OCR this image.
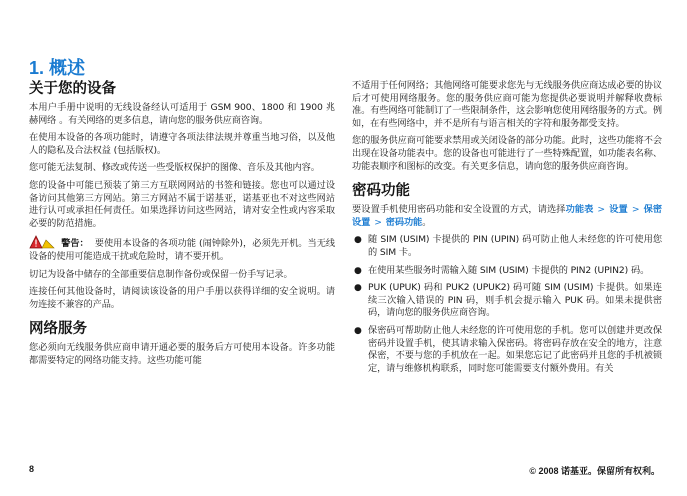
1. 概述
关于您的设备

本用户手册中说明的无线设备经认可适用于 GSM 900、1800 和 1900 兆赫网络 。有关网络的更多信息，请向您的服务供应商咨询。

在使用本设备的各项功能时，请遵守各项法律法规并尊重当地习俗，以及他人的隐私及合法权益 (包括版权)。

您可能无法复制、修改或传送一些受版权保护的图像、音乐及其他内容。

您的设备中可能已预装了第三方互联网网站的书签和链接。您也可以通过设备访问其他第三方网站。第三方网站不属于诺基亚，诺基亚也不对这些网站进行认可或承担任何责任。如果选择访问这些网站，请对安全性或内容采取必要的防范措施。

警告： 要使用本设备的各项功能 (闹钟除外)，必须先开机。当无线设备的使用可能造成干扰或危险时，请不要开机。

切记为设备中储存的全部重要信息制作备份或保留一份手写记录。

连接任何其他设备时，请阅读该设备的用户手册以获得详细的安全说明。请勿连接不兼容的产品。

网络服务

您必须向无线服务供应商申请开通必要的服务后方可使用本设备。许多功能都需要特定的网络功能支持。这些功能可能

不适用于任何网络；其他网络可能要求您先与无线服务供应商达成必要的协议后才可使用网络服务。您的服务供应商可能为您提供必要说明并解释收费标准。有些网络可能制订了一些限制条件，这会影响您使用网络服务的方式。例如，在有些网络中，并不是所有与语言相关的字符和服务都受支持。

您的服务供应商可能要求禁用或关闭设备的部分功能。此时，这些功能将不会出现在设备功能表中。您的设备也可能进行了一些特殊配置，如功能表名称、功能表顺序和图标的改变。有关更多信息，请向您的服务供应商咨询。

密码功能

要设置手机使用密码功能和安全设置的方式，请选择功能表 > 设置 > 保密设置 > 密码功能。

● 随 SIM (USIM) 卡提供的 PIN (UPIN) 码可防止他人未经您的许可使用您的 SIM 卡。
● 在使用某些服务时需输入随 SIM (USIM) 卡提供的 PIN2 (UPIN2) 码。
● PUK (UPUK) 码和 PUK2 (UPUK2) 码可随 SIM (USIM) 卡提供。如果连续三次输入错误的 PIN 码，则手机会提示输入 PUK 码。如果未提供密码，请向您的服务供应商咨询。
● 保密码可帮助防止他人未经您的许可使用您的手机。您可以创建并更改保密码并设置手机，使其请求输入保密码。将密码存放在安全的地方，注意保密，不要与您的手机放在一起。如果您忘记了此密码并且您的手机被锁定，请与维修机构联系，同时您可能需要支付额外费用。有关
8	© 2008 诺基亚。保留所有权利。
